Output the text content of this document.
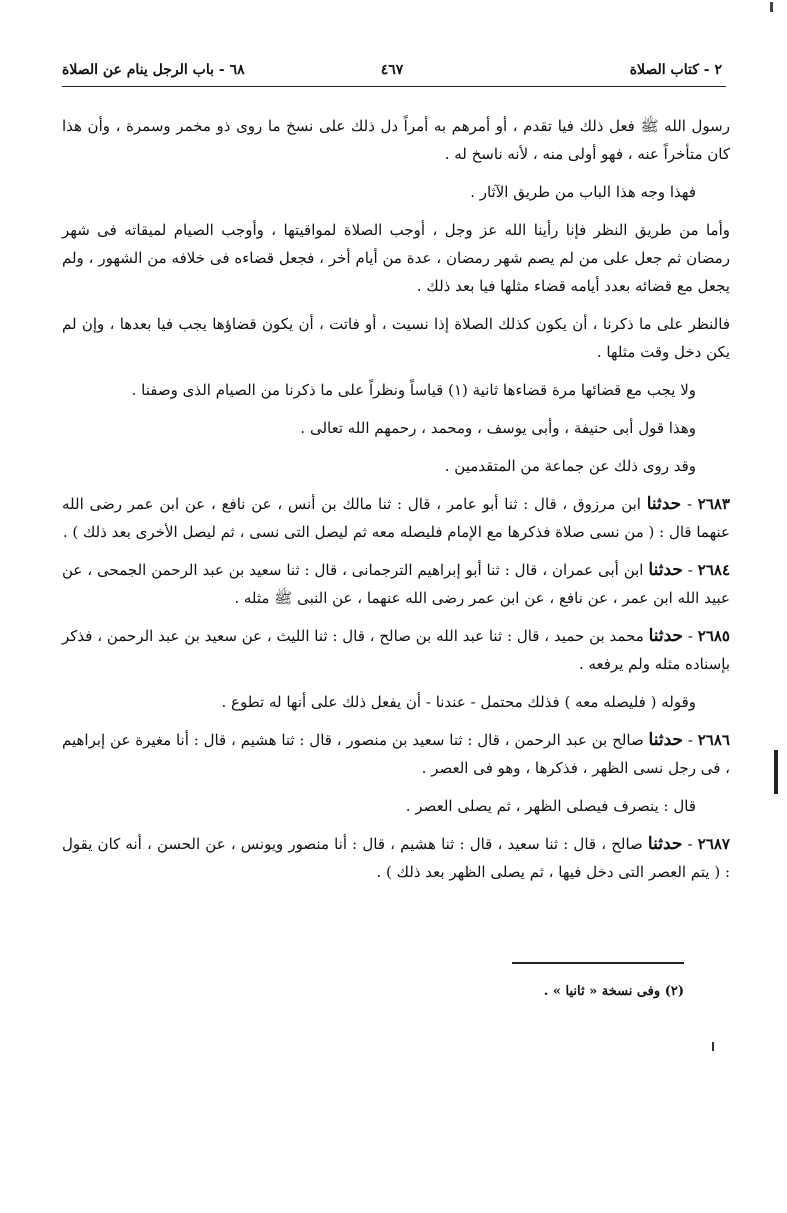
٢ - كتاب الصلاة
٤٦٧
٦٨ - باب الرجل ينام عن الصلاة

رسول الله ﷺ فعل ذلك فيا تقدم ، أو أمرهم به أمراً دل ذلك على نسخ ما روى ذو مخمر وسمرة ، وأن هذا كان متأخراً عنه ، فهو أولى منه ، لأنه ناسخ له .

فهذا وجه هذا الباب من طريق الآثار .

وأما من طريق النظر فإنا رأينا الله عز وجل ، أوجب الصلاة لمواقيتها ، وأوجب الصيام لميقاته فى شهر رمضان ثم جعل على من لم يصم شهر رمضان ، عدة من أيام أخر ، فجعل قضاءه فى خلافه من الشهور ، ولم يجعل مع قضائه بعدد أيامه قضاء مثلها فيا بعد ذلك .

فالنظر على ما ذكرنا ، أن يكون كذلك الصلاة إذا نسيت ، أو فاتت ، أن يكون قضاؤها يجب فيا بعدها ، وإن لم يكن دخل وقت مثلها .

ولا يجب مع قضائها مرة قضاءها ثانية (١) قياساً ونظراً على ما ذكرنا من الصيام الذى وصفنا .

وهذا قول أبى حنيفة ، وأبى يوسف ، ومحمد ، رحمهم الله تعالى .

وقد روى ذلك عن جماعة من المتقدمين .

٢٦٨٣ - حدثنا ابن مرزوق ، قال : ثنا أبو عامر ، قال : ثنا مالك بن أنس ، عن نافع ، عن ابن عمر رضى الله عنهما قال : ( من نسى صلاة فذكرها مع الإمام فليصله معه ثم ليصل التى نسى ، ثم ليصل الأخرى بعد ذلك ) .

٢٦٨٤ - حدثنا ابن أبى عمران ، قال : ثنا أبو إبراهيم الترجمانى ، قال : ثنا سعيد بن عبد الرحمن الجمحى ، عن عبيد الله ابن عمر ، عن نافع ، عن ابن عمر رضى الله عنهما ، عن النبى ﷺ مثله .

٢٦٨٥ - حدثنا محمد بن حميد ، قال : ثنا عبد الله بن صالح ، قال : ثنا الليث ، عن سعيد بن عبد الرحمن ، فذكر بإسناده مثله ولم يرفعه .

وقوله ( فليصله معه ) فذلك محتمل - عندنا - أن يفعل ذلك على أنها له تطوع .

٢٦٨٦ - حدثنا صالح بن عبد الرحمن ، قال : ثنا سعيد بن منصور ، قال : ثنا هشيم ، قال : أنا مغيرة عن إبراهيم ، فى رجل نسى الظهر ، فذكرها ، وهو فى العصر .

قال : ينصرف فيصلى الظهر ، ثم يصلى العصر .

٢٦٨٧ - حدثنا صالح ، قال : ثنا سعيد ، قال : ثنا هشيم ، قال : أنا منصور ويونس ، عن الحسن ، أنه كان يقول : ( يتم العصر التى دخل فيها ، ثم يصلى الظهر بعد ذلك ) .

(٢) وفى نسخة « ثانيا » .
